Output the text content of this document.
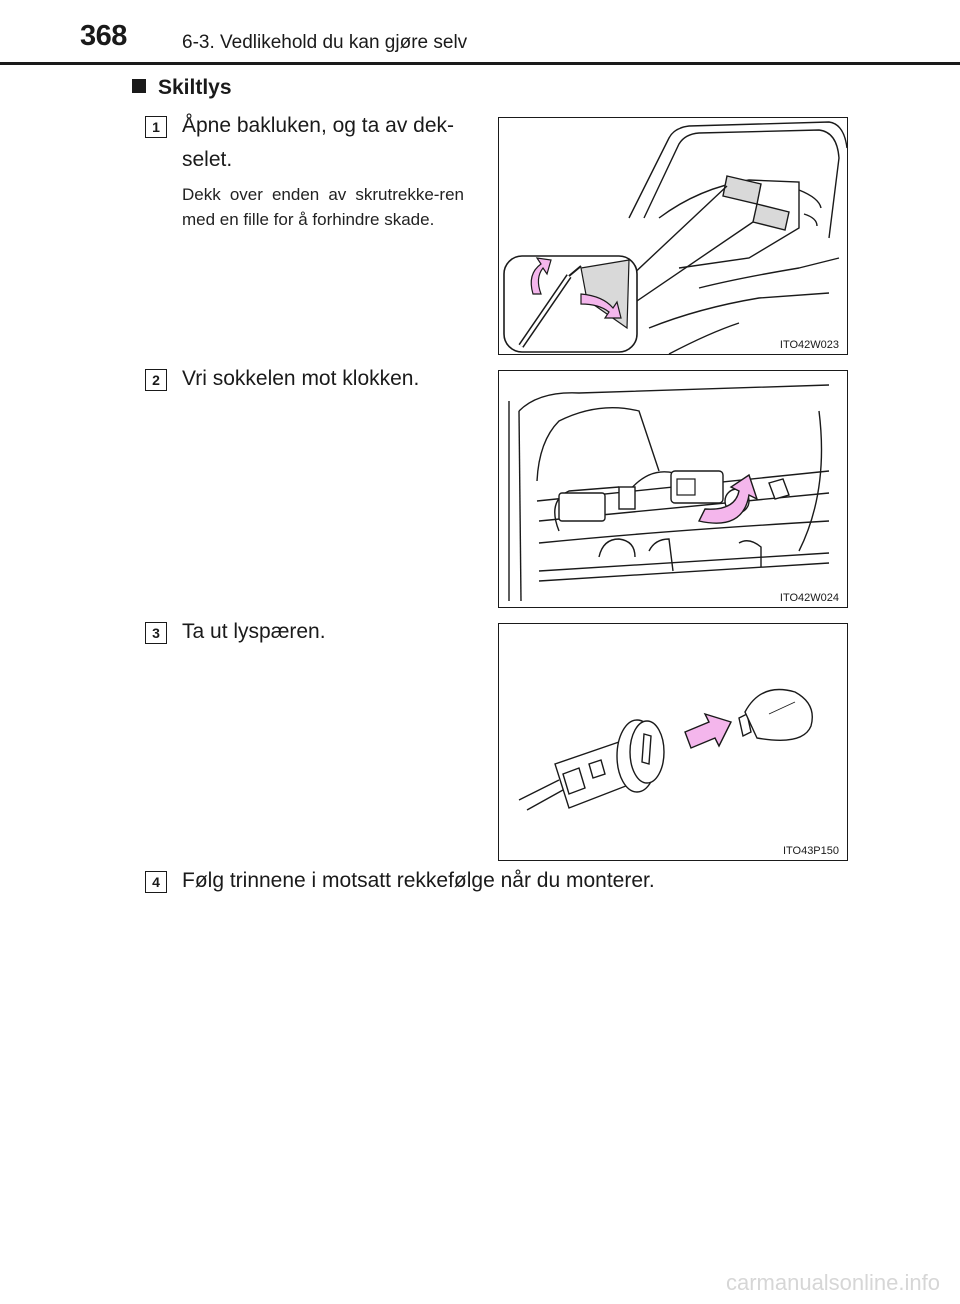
368	6-3. Vedlikehold du kan gjøre selv
Skiltlys
1	Åpne bakluken, og ta av dek-
selet.
Dekk over enden av skrutrekke-ren med en fille for å forhindre skade.
ITO42W023
2	Vri sokkelen mot klokken.
ITO42W024
3	Ta ut lyspæren.
ITO43P150
4	Følg trinnene i motsatt rekkefølge når du monterer.
carmanualsonline.info
